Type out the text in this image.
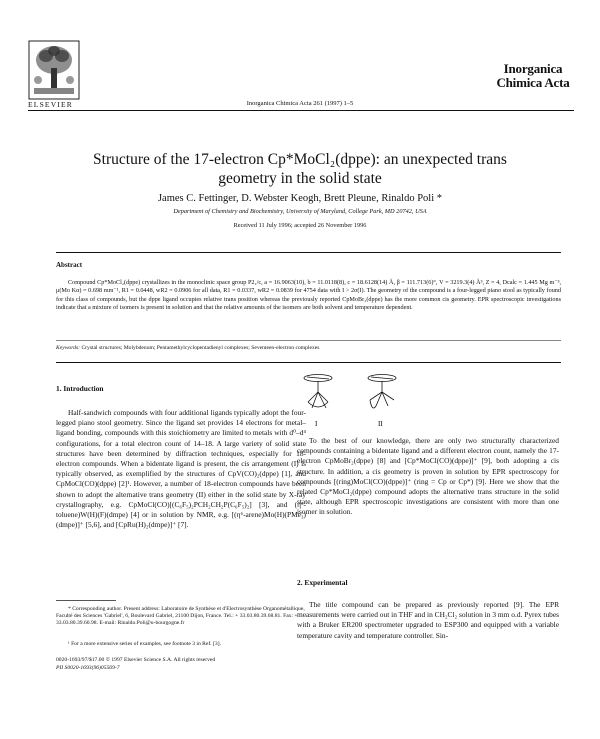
ELSEVIER	Inorganica Chimica Acta 261 (1997) 1–5
Inorganica
Chimica Acta
Structure of the 17-electron Cp*MoCl₂(dppe): an unexpected trans
geometry in the solid state
James C. Fettinger, D. Webster Keogh, Brett Pleune, Rinaldo Poli *
Department of Chemistry and Biochemistry, University of Maryland, College Park, MD 20742, USA
Received 11 July 1996; accepted 26 November 1996
Abstract
Compound Cp*MoCl₂(dppe) crystallizes in the monoclinic space group P2₁/c, a = 16.9063(10), b = 11.0118(8), c = 18.6128(14) Å, β = 111.713(6)°, V = 3219.3(4) Å³, Z = 4, Dcalc = 1.445 Mg m⁻³, μ(Mo Kα) = 0.698 mm⁻¹, R1 = 0.0448, wR2 = 0.0906 for all data, R1 = 0.0337, wR2 = 0.0839 for 4754 data with I > 2σ(I). The geometry of the compound is a four-legged piano stool as typically found for this class of compounds, but the dppe ligand occupies relative trans position whereas the previously reported CpMoBr₂(dppe) has the more common cis geometry. EPR spectroscopic investigations indicate that a mixture of isomers is present in solution and that the relative amounts of the isomers are both solvent and temperature dependent.
Keywords: Crystal structures; Molybdenum; Pentamethylcyclopentadienyl complexes; Seventeen-electron complexes
1. Introduction
Half-sandwich compounds with four additional ligands typically adopt the four-legged piano stool geometry. Since the ligand set provides 14 electrons for metal–ligand bonding, compounds with this stoichiometry are limited to metals with d⁰–d⁴ configurations, for a total electron count of 14–18. A large variety of solid state structures have been determined by diffraction techniques, especially for 18-electron compounds. When a bidentate ligand is present, the cis arrangement (I) is typically observed, as exemplified by the structures of CpV(CO)₂(dppe) [1], and CpMoCl(CO)(dppe) [2]¹. However, a number of 18-electron compounds have been shown to adopt the alternative trans geometry (II) either in the solid state by X-ray crystallography, e.g. CpMoCl(CO)[(C₆F₅)₂PCH₂CH₂P(C₆F₅)₂] [3], and (η⁶-toluene)W(H)(F)(dmpe) [4] or in solution by NMR, e.g. [(η⁶-arene)Mo(H)(PMe₃)(dmpe)]⁺ [5,6], and [CpRu(H)₂(dmpe)]⁺ [7].
* Corresponding author. Present address: Laboratoire de Synthèse et d'Electrosynthèse Organométallique, Faculté des Sciences 'Gabriel', 6, Boulevard Gabriel, 21100 Dijon, France. Tel.: + 33.03.80.39.68.81. Fax: + 33.03.80.39.60.98. E-mail: Rinaldo.Poli@u-bourgogne.fr
¹ For a more extensive series of examples, see footnote 3 in Ref. [3].
0020-1693/97/$17.00 © 1997 Elsevier Science S.A. All rights reserved
PII S0020-1693(96)05569-7
I	II
To the best of our knowledge, there are only two structurally characterized compounds containing a bidentate ligand and a different electron count, namely the 17-electron CpMoBr₂(dppe) [8] and [Cp*MoCl(CO)(dppe)]⁺ [9], both adopting a cis structure. In addition, a cis geometry is proven in solution by EPR spectroscopy for compounds [(ring)MoCl(CO)(dppe)]⁺ (ring = Cp or Cp*) [9]. Here we show that the related Cp*MoCl₂(dppe) compound adopts the alternative trans structure in the solid state, although EPR spectroscopic investigations are consistent with more than one isomer in solution.
2. Experimental
The title compound can be prepared as previously reported [9]. The EPR measurements were carried out in THF and in CH₂Cl₂ solution in 3 mm o.d. Pyrex tubes with a Bruker ER200 spectrometer upgraded to ESP300 and equipped with a variable temperature cavity and temperature controller. Sin-
